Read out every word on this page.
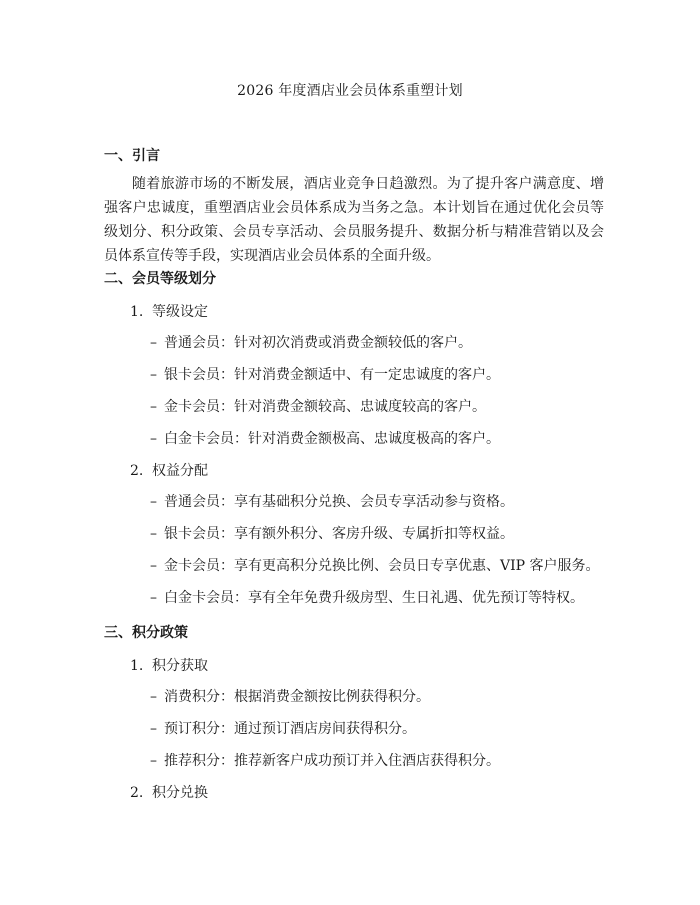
2026 年度酒店业会员体系重塑计划
一、引言
随着旅游市场的不断发展，酒店业竞争日趋激烈。为了提升客户满意度、增强客户忠诚度，重塑酒店业会员体系成为当务之急。本计划旨在通过优化会员等级划分、积分政策、会员专享活动、会员服务提升、数据分析与精准营销以及会员体系宣传等手段，实现酒店业会员体系的全面升级。
二、会员等级划分
1. 等级设定
– 普通会员：针对初次消费或消费金额较低的客户。
– 银卡会员：针对消费金额适中、有一定忠诚度的客户。
– 金卡会员：针对消费金额较高、忠诚度较高的客户。
– 白金卡会员：针对消费金额极高、忠诚度极高的客户。
2. 权益分配
– 普通会员：享有基础积分兑换、会员专享活动参与资格。
– 银卡会员：享有额外积分、客房升级、专属折扣等权益。
– 金卡会员：享有更高积分兑换比例、会员日专享优惠、VIP 客户服务。
– 白金卡会员：享有全年免费升级房型、生日礼遇、优先预订等特权。
三、积分政策
1. 积分获取
– 消费积分：根据消费金额按比例获得积分。
– 预订积分：通过预订酒店房间获得积分。
– 推荐积分：推荐新客户成功预订并入住酒店获得积分。
2. 积分兑换
